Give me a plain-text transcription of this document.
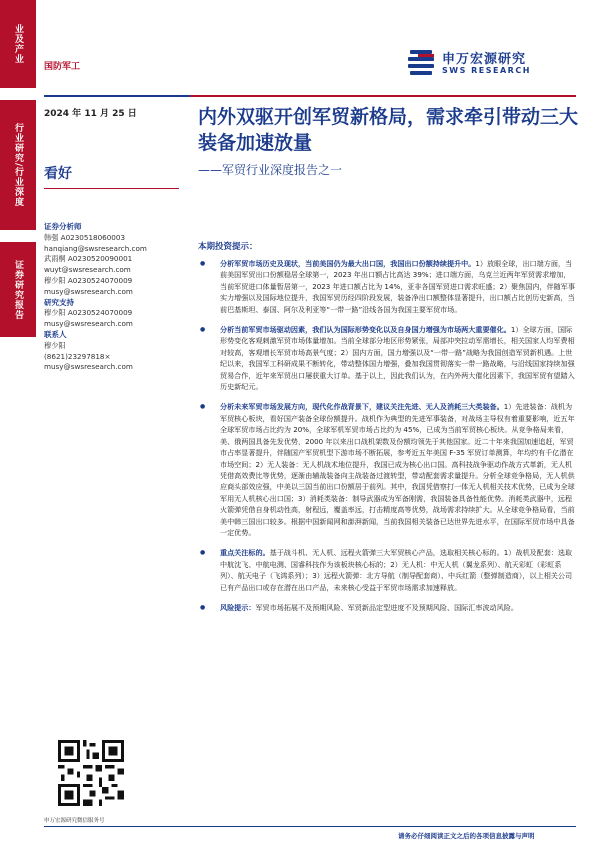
业及产业
行业研究/行业深度
证券研究报告
国防军工	申万宏源研究
SWS RESEARCH
2024 年 11 月 25 日	内外双驱开创军贸新格局，需求牵引带动三大装备加速放量
——军贸行业深度报告之一
看好
证券分析师
韩强 A0230518060003
hanqiang@swsresearch.com
武雨桐 A0230520090001
wuyt@swsresearch.com
穆少阳 A0230524070009
musy@swsresearch.com
研究支持
穆少阳 A0230524070009
musy@swsresearch.com
联系人
穆少阳
(8621)23297818×
musy@swsresearch.com
本期投资提示：
● 分析军贸市场历史及现状，当前美国仍为最大出口国，我国出口份额持续提升中。1）放眼全球，出口端方面，当前美国军贸出口份额稳居全球第一，2023 年出口额占比高达 39%；进口端方面，乌克兰近两年军贸需求增加，当前军贸进口体量暂居第一，2023 年进口额占比为 14%，亚非各国军贸进口需求旺盛；2）聚焦国内，伴随军事实力增强以及国际地位提升，我国军贸历经四阶段发展，装备净出口额整体显著提升，出口额占比创历史新高，当前巴基斯坦、泰国、阿尔及利亚等“一带一路”沿线各国为我国主要军贸市场。
● 分析当前军贸市场驱动因素，我们认为国际形势变化以及自身国力增强为市场两大重要催化。1）全球方面，国际形势变化客观刺激军贸市场体量增加。当前全球部分地区形势紧张，局部冲突拉动军需增长，相关国家人均军费相对较高，客观增长军贸市场高景气度；2）国内方面，国力增强以及“一带一路”战略为我国创造军贸新机遇。上世纪以来，我国军工科研成果不断转化，带动整体国力增强，叠加我国贯彻落实一带一路战略，与沿线国家持续加强贸易合作，近年来军贸出口屡获重大订单。基于以上，因此我们认为，在内外两大催化因素下，我国军贸有望踏入历史新纪元。
● 分析未来军贸市场发展方向，现代化作战背景下，建议关注先进、无人及消耗三大类装备。1）先进装备：战机为军贸核心板块，看好国产装备全球份额提升。战机作为典型的先进军事装备，对战场主导权有着重要影响，近五年全球军贸市场占比约为 20%，全球军机军贸市场占比约为 45%，已成为当前军贸核心板块。从竞争格局来看，美、俄两国具备先发优势，2000 年以来出口战机架数及份额均领先于其他国家。近二十年来我国加速追赶，军贸市占率显著提升，伴随国产军贸机型下游市场不断拓展，参考近五年美国 F-35 军贸订单测算，年均约有千亿潜在市场空间；2）无人装备：无人机战术地位提升，我国已成为核心出口国。高科技战争驱动作战方式革新，无人机凭借高效费比等优势，逐渐由辅战装备向主战装备过渡转型，带动配套需求量提升。分析全球竞争格局，无人机供应商头部效应强，中美以三国当前出口份额居于前列。其中，我国凭借察打一体无人机相关技术优势，已成为全球军用无人机核心出口国；3）消耗类装备：制导武器成为军备刚需，我国装备具备性能优势。消耗类武器中，远程火箭弹凭借自身机动性高，射程远，覆盖率远，打击精度高等优势，战场需求持续扩大。从全球竞争格局看，当前美中韩三国出口较多。根据中国新闻网和澎湃新闻，当前我国相关装备已达世界先进水平，在国际军贸市场中具备一定优势。
● 重点关注标的。基于战斗机、无人机、远程火箭弹三大军贸核心产品，选取相关核心标的。1）战机及配套：选取中航沈飞、中航电测、国睿科技作为该板块核心标的；2）无人机：中无人机（翼龙系列）、航天彩虹（彩虹系列）、航天电子（飞鸿系列）；3）远程火箭弹：北方导航（制导配套商）、中兵红箭（整弹制造商），以上相关公司已有产品出口或存在潜在出口产品，未来核心受益于军贸市场需求加速释放。
● 风险提示：军贸市场拓展不及预期风险、军贸新品定型进度不及预期风险、国际汇率波动风险。
申万宏源研究微信服务号
请务必仔细阅读正文之后的各项信息披露与声明
